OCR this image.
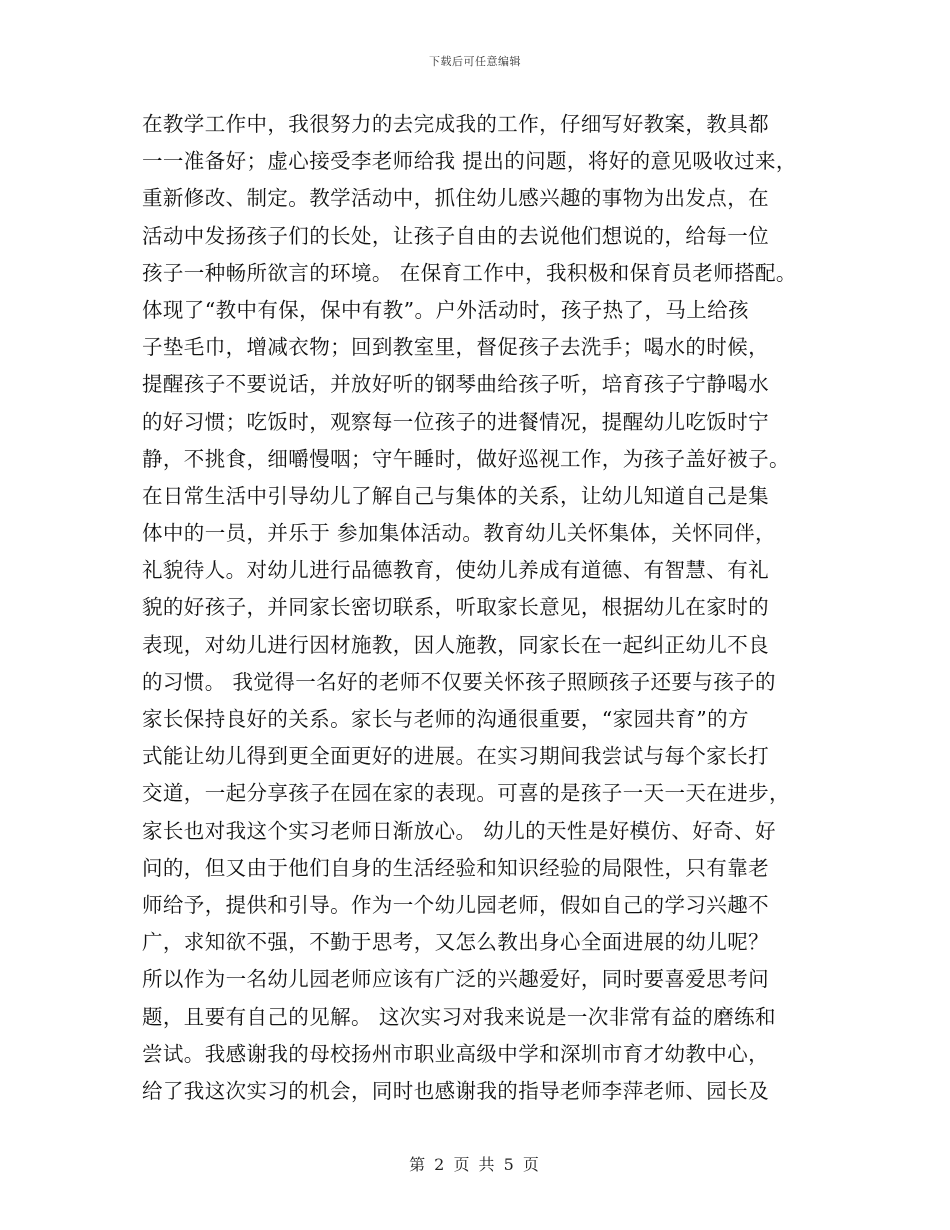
下载后可任意编辑
在教学工作中，我很努力的去完成我的工作，仔细写好教案，教具都
一一准备好；虚心接受李老师给我 提出的问题，将好的意见吸收过来，
重新修改、制定。教学活动中，抓住幼儿感兴趣的事物为出发点，在
活动中发扬孩子们的长处，让孩子自由的去说他们想说的，给每一位
孩子一种畅所欲言的环境。 在保育工作中，我积极和保育员老师搭配。
体现了“教中有保，保中有教”。户外活动时，孩子热了，马上给孩
子垫毛巾，增减衣物；回到教室里，督促孩子去洗手；喝水的时候，
提醒孩子不要说话，并放好听的钢琴曲给孩子听，培育孩子宁静喝水
的好习惯；吃饭时，观察每一位孩子的进餐情况，提醒幼儿吃饭时宁
静，不挑食，细嚼慢咽；守午睡时，做好巡视工作，为孩子盖好被子。
在日常生活中引导幼儿了解自己与集体的关系，让幼儿知道自己是集
体中的一员，并乐于 参加集体活动。教育幼儿关怀集体，关怀同伴，
礼貌待人。对幼儿进行品德教育，使幼儿养成有道德、有智慧、有礼
貌的好孩子，并同家长密切联系，听取家长意见，根据幼儿在家时的
表现，对幼儿进行因材施教，因人施教，同家长在一起纠正幼儿不良
的习惯。 我觉得一名好的老师不仅要关怀孩子照顾孩子还要与孩子的
家长保持良好的关系。家长与老师的沟通很重要，“家园共育”的方
式能让幼儿得到更全面更好的进展。在实习期间我尝试与每个家长打
交道，一起分享孩子在园在家的表现。可喜的是孩子一天一天在进步，
家长也对我这个实习老师日渐放心。 幼儿的天性是好模仿、好奇、好
问的，但又由于他们自身的生活经验和知识经验的局限性，只有靠老
师给予，提供和引导。作为一个幼儿园老师，假如自己的学习兴趣不
广，求知欲不强，不勤于思考，又怎么教出身心全面进展的幼儿呢？
所以作为一名幼儿园老师应该有广泛的兴趣爱好，同时要喜爱思考问
题，且要有自己的见解。 这次实习对我来说是一次非常有益的磨练和
尝试。我感谢我的母校扬州市职业高级中学和深圳市育才幼教中心，
给了我这次实习的机会，同时也感谢我的指导老师李萍老师、园长及
第 2 页 共 5 页
